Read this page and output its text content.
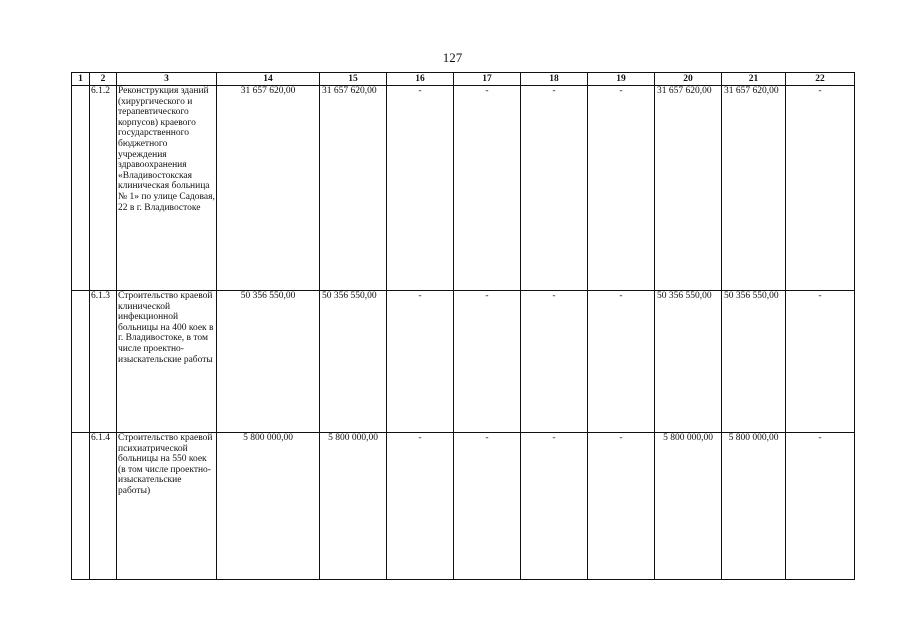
127
1	2	3	14	15	16	17	18	19	20	21	22
	6.1.2	Реконструкция зданий (хирургического и терапевтического корпусов) краевого государственного бюджетного учреждения здравоохранения «Владивостокская клиническая больница № 1» по улице Садовая, 22 в г. Владивостоке	31 657 620,00	31 657 620,00	-	-	-	-	31 657 620,00	31 657 620,00	-
	6.1.3	Строительство краевой клинической инфекционной больницы на 400 коек в г. Владивостоке, в том числе проектно-изыскательские работы	50 356 550,00	50 356 550,00	-	-	-	-	50 356 550,00	50 356 550,00	-
	6.1.4	Строительство краевой психиатрической больницы на 550 коек (в том числе проектно-изыскательские работы)	5 800 000,00	5 800 000,00	-	-	-	-	5 800 000,00	5 800 000,00	-
